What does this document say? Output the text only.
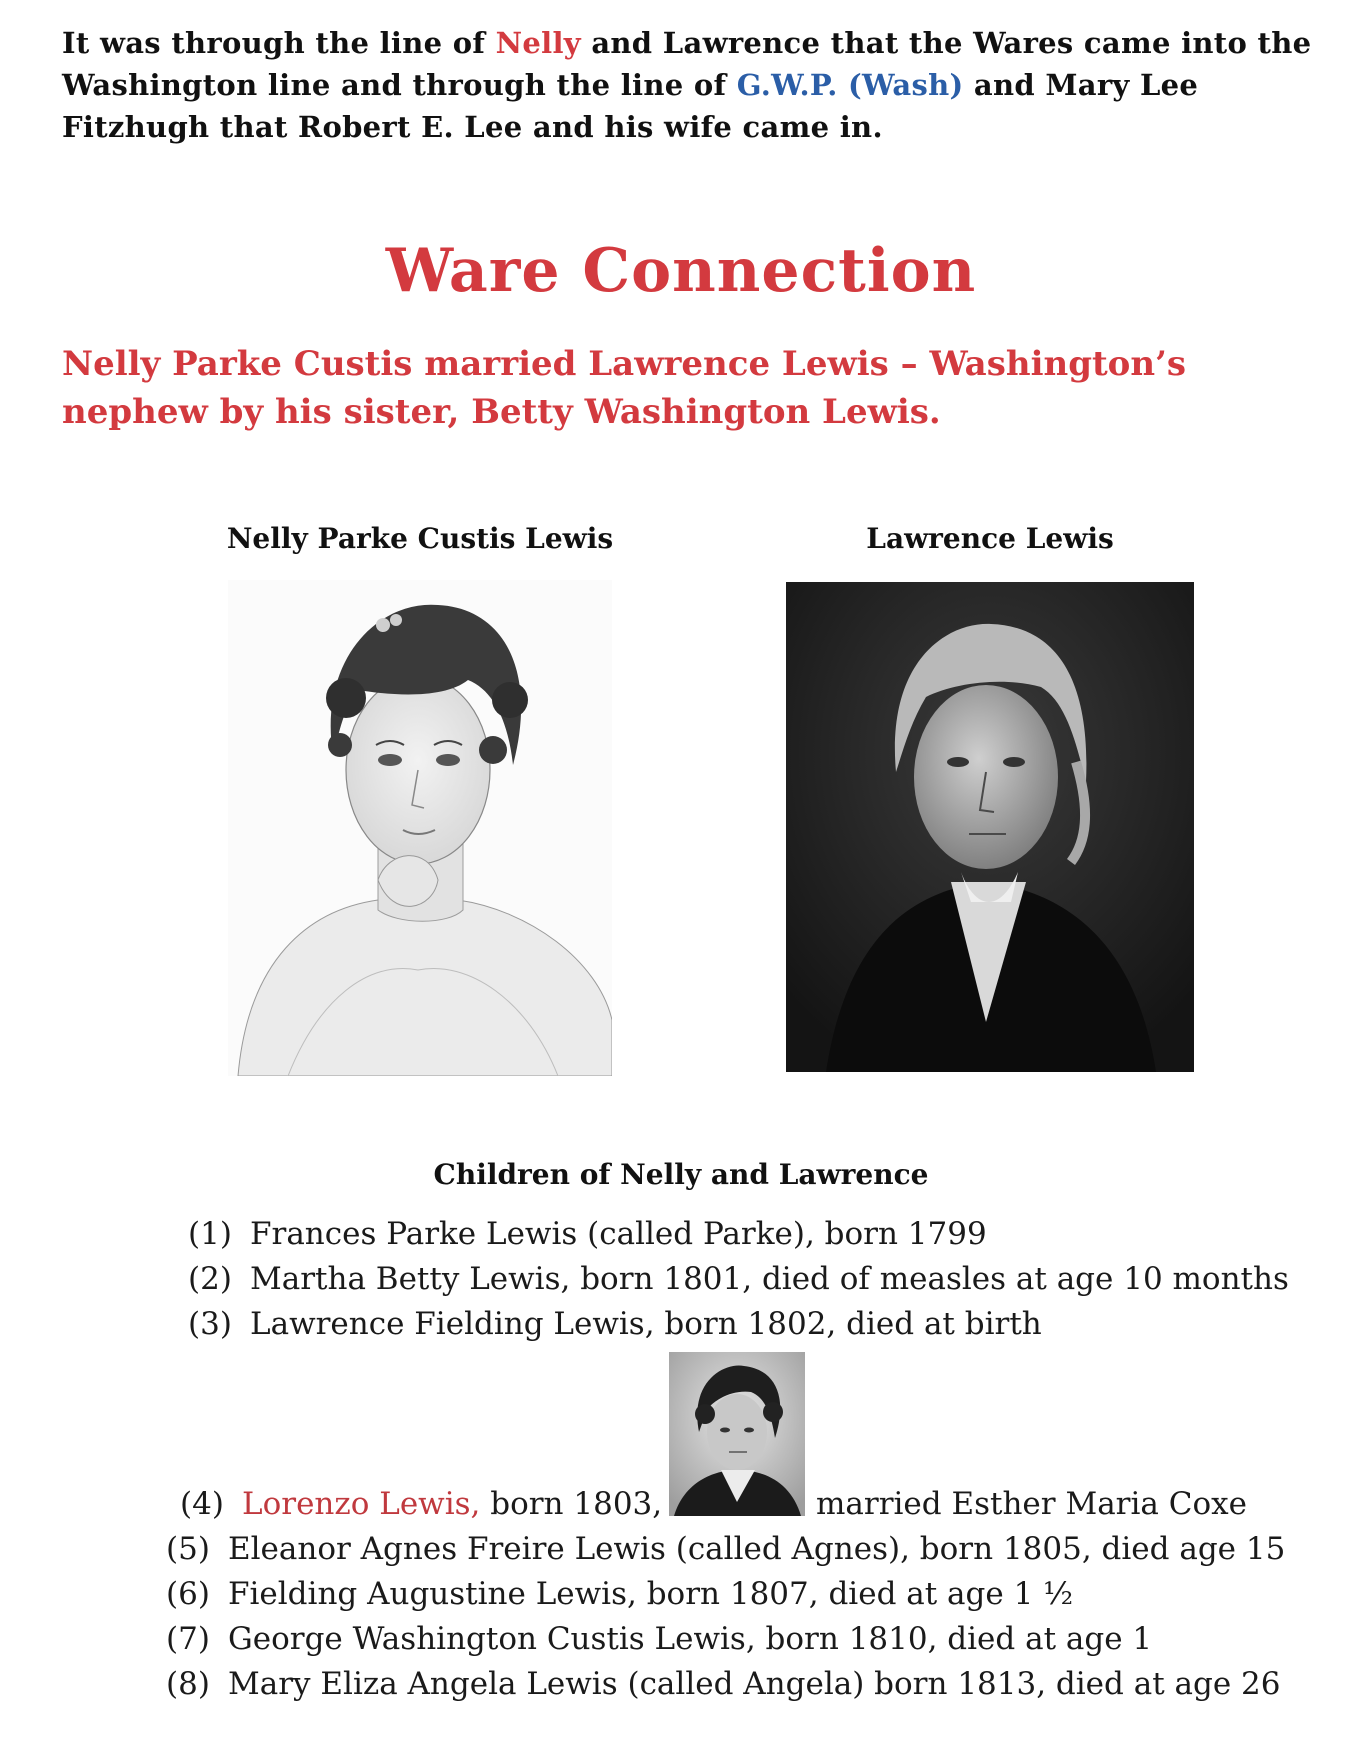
It was through the line of Nelly and Lawrence that the Wares came into the Washington line and through the line of G.W.P. (Wash) and Mary Lee Fitzhugh that Robert E. Lee and his wife came in.
Ware Connection
Nelly Parke Custis married Lawrence Lewis – Washington’s nephew by his sister, Betty Washington Lewis.
Nelly Parke Custis Lewis	Lawrence Lewis
Children of Nelly and Lawrence
(1) Frances Parke Lewis (called Parke), born 1799
(2) Martha Betty Lewis, born 1801, died of measles at age 10 months
(3) Lawrence Fielding Lewis, born 1802, died at birth
(4) Lorenzo Lewis, born 1803,	married Esther Maria Coxe
(5) Eleanor Agnes Freire Lewis (called Agnes), born 1805, died age 15
(6) Fielding Augustine Lewis, born 1807, died at age 1 ½
(7) George Washington Custis Lewis, born 1810, died at age 1
(8) Mary Eliza Angela Lewis (called Angela) born 1813, died at age 26
